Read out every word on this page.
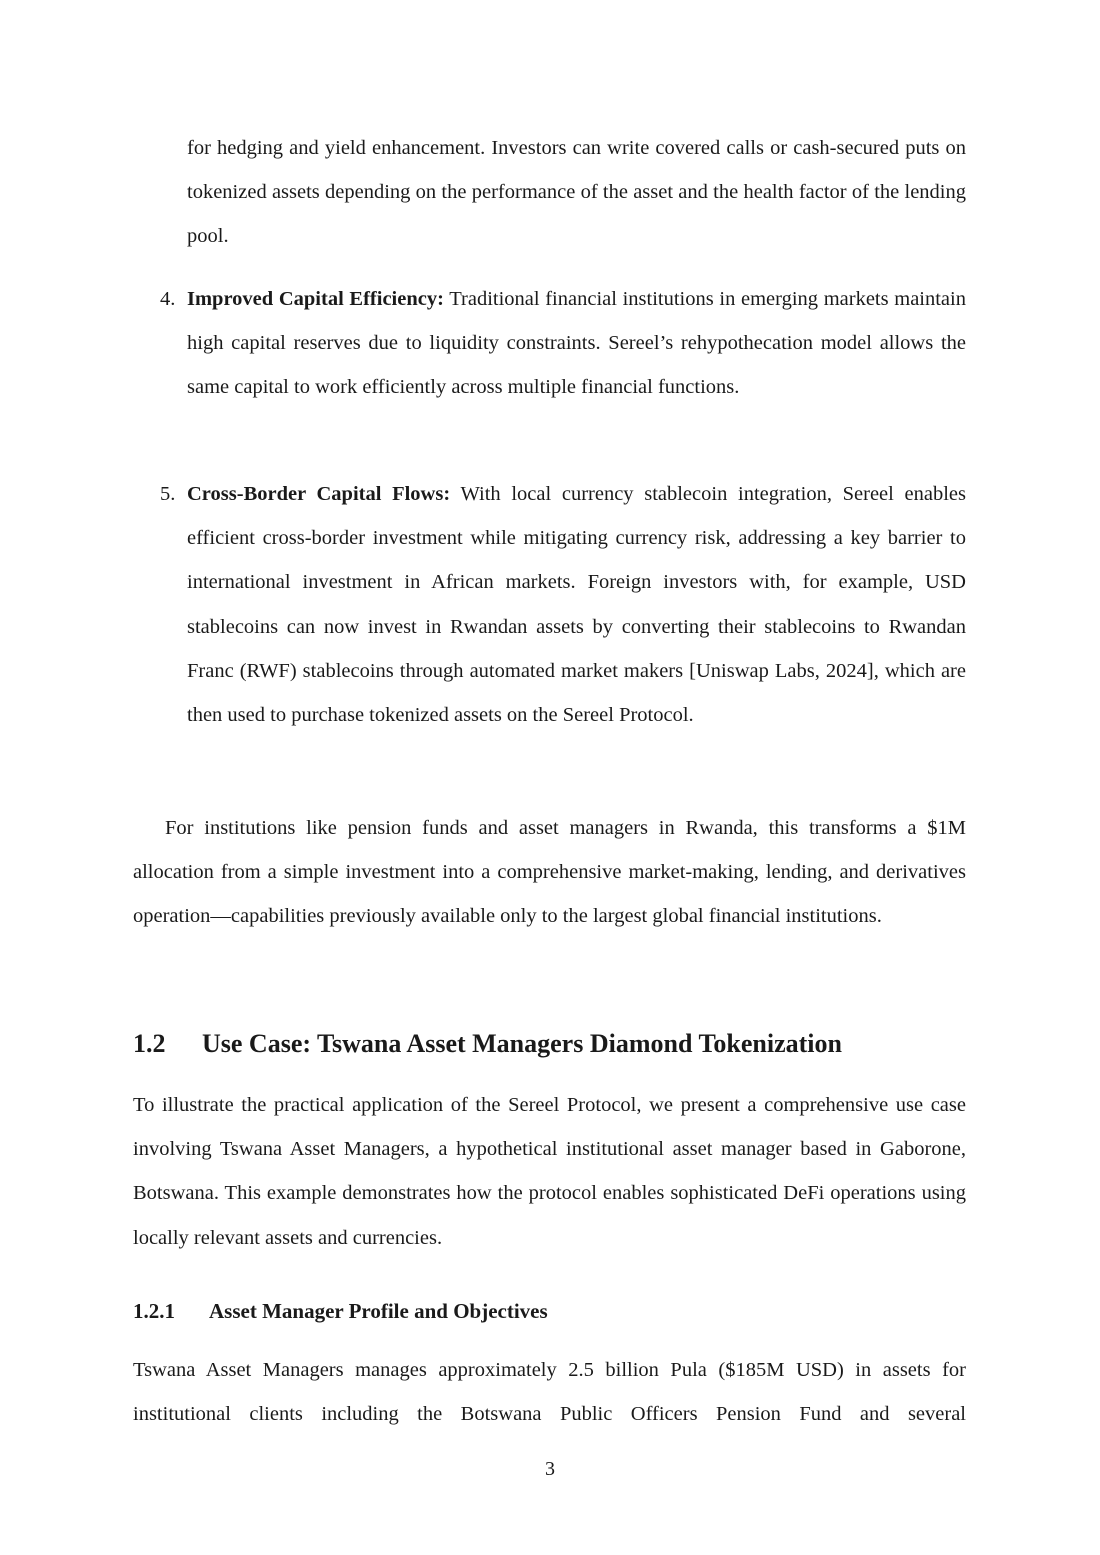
for hedging and yield enhancement. Investors can write covered calls or cash-secured puts on tokenized assets depending on the performance of the asset and the health factor of the lending pool.

4. Improved Capital Efficiency: Traditional financial institutions in emerging markets maintain high capital reserves due to liquidity constraints. Sereel’s rehypothecation model allows the same capital to work efficiently across multiple financial functions.

5. Cross-Border Capital Flows: With local currency stablecoin integration, Sereel enables efficient cross-border investment while mitigating currency risk, addressing a key barrier to international investment in African markets. Foreign investors with, for example, USD stablecoins can now invest in Rwandan assets by converting their stablecoins to Rwandan Franc (RWF) stablecoins through automated market makers [Uniswap Labs, 2024], which are then used to purchase tokenized assets on the Sereel Protocol.

For institutions like pension funds and asset managers in Rwanda, this transforms a $1M allocation from a simple investment into a comprehensive market-making, lending, and derivatives operation—capabilities previously available only to the largest global financial institutions.

1.2 Use Case: Tswana Asset Managers Diamond Tokenization

To illustrate the practical application of the Sereel Protocol, we present a comprehensive use case involving Tswana Asset Managers, a hypothetical institutional asset manager based in Gaborone, Botswana. This example demonstrates how the protocol enables sophisticated DeFi operations using locally relevant assets and currencies.

1.2.1 Asset Manager Profile and Objectives

Tswana Asset Managers manages approximately 2.5 billion Pula ($185M USD) in assets for institutional clients including the Botswana Public Officers Pension Fund and several

3
